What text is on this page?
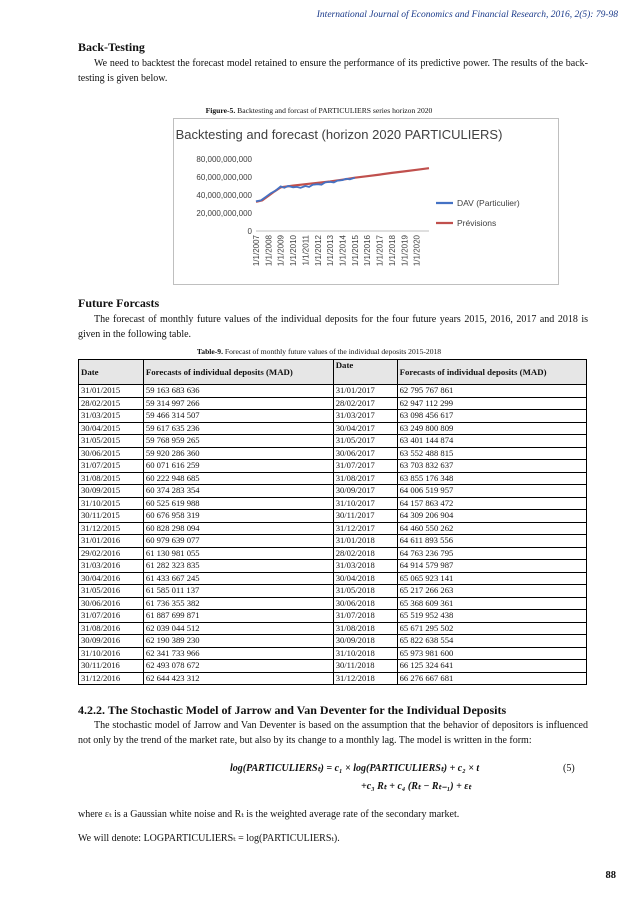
International Journal of Economics and Financial Research, 2016, 2(5): 79-98
Back-Testing
We need to backtest the forecast model retained to ensure the performance of its predictive power. The results of the back-testing is given below.
Figure-5. Backtesting and forcast of PARTICULIERS series horizon 2020
Backtesting and forecast (horizon 2020 PARTICULIERS)
0
20,000,000,000
40,000,000,000
60,000,000,000
80,000,000,000
1/1/2007 1/1/2008 1/1/2009 1/1/2010 1/1/2011 1/1/2012 1/1/2013 1/1/2014 1/1/2015 1/1/2016 1/1/2017 1/1/2018 1/1/2019 1/1/2020
DAV (Particulier)
Prévisions
Future Forcasts
The forecast of monthly future values of the individual deposits for the four future years 2015, 2016, 2017 and 2018 is given in the following table.
Table-9. Forecast of monthly future values of the individual deposits 2015-2018
Date	Forecasts of individual deposits (MAD)	Date	Forecasts of individual deposits (MAD)
31/01/2015	59 163 683 636	31/01/2017	62 795 767 861
28/02/2015	59 314 997 266	28/02/2017	62 947 112 299
31/03/2015	59 466 314 507	31/03/2017	63 098 456 617
30/04/2015	59 617 635 236	30/04/2017	63 249 800 809
31/05/2015	59 768 959 265	31/05/2017	63 401 144 874
30/06/2015	59 920 286 360	30/06/2017	63 552 488 815
31/07/2015	60 071 616 259	31/07/2017	63 703 832 637
31/08/2015	60 222 948 685	31/08/2017	63 855 176 348
30/09/2015	60 374 283 354	30/09/2017	64 006 519 957
31/10/2015	60 525 619 988	31/10/2017	64 157 863 472
30/11/2015	60 676 958 319	30/11/2017	64 309 206 904
31/12/2015	60 828 298 094	31/12/2017	64 460 550 262
31/01/2016	60 979 639 077	31/01/2018	64 611 893 556
29/02/2016	61 130 981 055	28/02/2018	64 763 236 795
31/03/2016	61 282 323 835	31/03/2018	64 914 579 987
30/04/2016	61 433 667 245	30/04/2018	65 065 923 141
31/05/2016	61 585 011 137	31/05/2018	65 217 266 263
30/06/2016	61 736 355 382	30/06/2018	65 368 609 361
31/07/2016	61 887 699 871	31/07/2018	65 519 952 438
31/08/2016	62 039 044 512	31/08/2018	65 671 295 502
30/09/2016	62 190 389 230	30/09/2018	65 822 638 554
31/10/2016	62 341 733 966	31/10/2018	65 973 981 600
30/11/2016	62 493 078 672	30/11/2018	66 125 324 641
31/12/2016	62 644 423 312	31/12/2018	66 276 667 681
4.2.2. The Stochastic Model of Jarrow and Van Deventer for the Individual Deposits
The stochastic model of Jarrow and Van Deventer is based on the assumption that the behavior of depositors is influenced not only by the trend of the market rate, but also by its change to a monthly lag. The model is written in the form:
log(PARTICULIERSₜ) = c₁ × log(PARTICULIERSₜ) + c₂ × t	(5)
+c₃ Rₜ + c₄ (Rₜ − Rₜ₋₁) + εₜ
where εₜ is a Gaussian white noise and Rₜ is the weighted average rate of the secondary market.
We will denote: LOGPARTICULIERSₜ = log(PARTICULIERSₜ).
88
